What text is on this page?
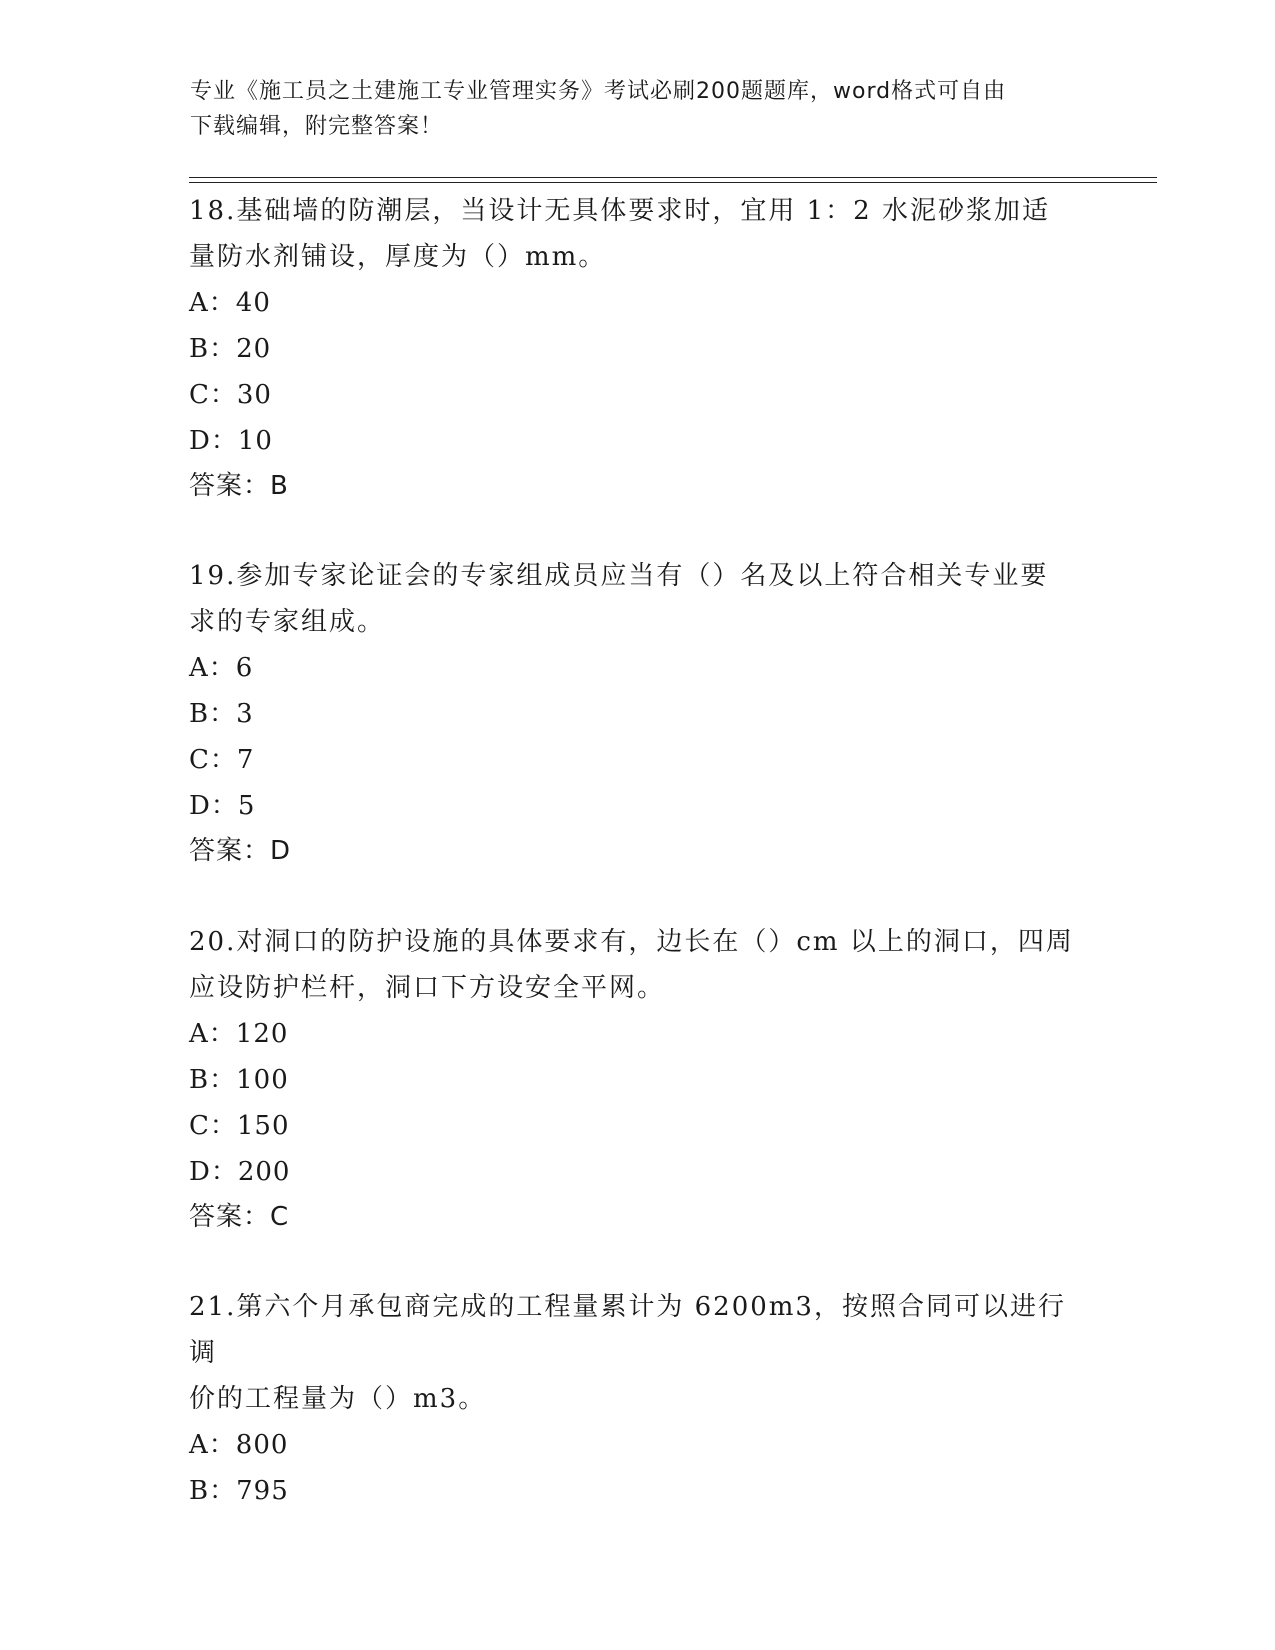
专业《施工员之土建施工专业管理实务》考试必刷200题题库，word格式可自由
下载编辑，附完整答案！

18.基础墙的防潮层，当设计无具体要求时，宜用 1：2 水泥砂浆加适

量防水剂铺设，厚度为（）mm。

A：40

B：20

C：30

D：10

答案：B

19.参加专家论证会的专家组成员应当有（）名及以上符合相关专业要

求的专家组成。

A：6

B：3

C：7

D：5

答案：D

20.对洞口的防护设施的具体要求有，边长在（）cm 以上的洞口，四周

应设防护栏杆，洞口下方设安全平网。

A：120

B：100

C：150

D：200

答案：C

21.第六个月承包商完成的工程量累计为 6200m3，按照合同可以进行调

价的工程量为（）m3。

A：800

B：795
